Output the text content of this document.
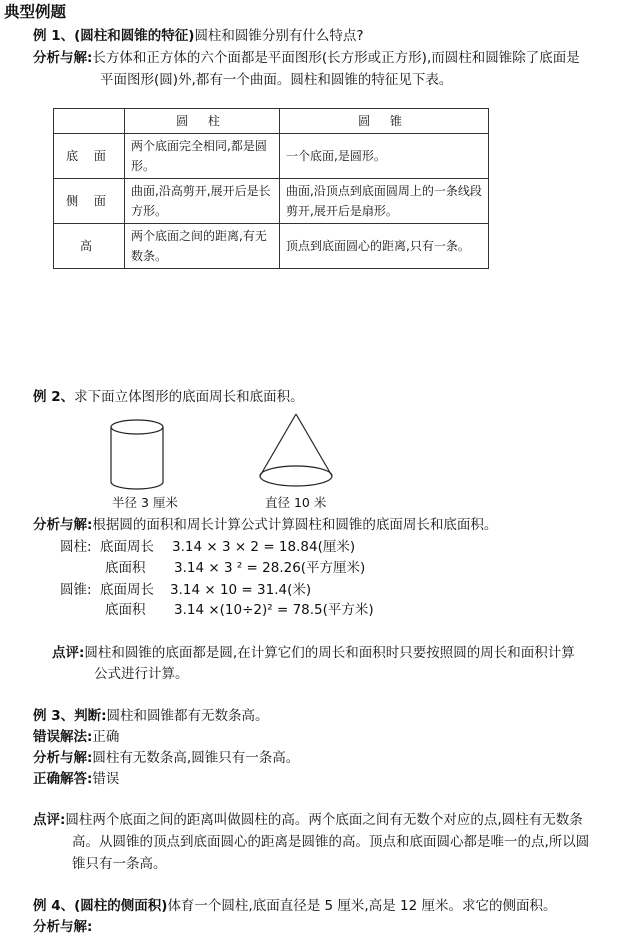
典型例题
例 1、(圆柱和圆锥的特征)圆柱和圆锥分别有什么特点?
分析与解:长方体和正方体的六个面都是平面图形(长方形或正方形),而圆柱和圆锥除了底面是
平面图形(圆)外,都有一个曲面。圆柱和圆锥的特征见下表。
	圆 柱	圆 锥
底 面	两个底面完全相同,都是圆形。	一个底面,是圆形。
侧 面	曲面,沿高剪开,展开后是长方形。	曲面,沿顶点到底面圆周上的一条线段剪开,展开后是扇形。
高	两个底面之间的距离,有无数条。	顶点到底面圆心的距离,只有一条。
例 2、求下面立体图形的底面周长和底面积。
半径 3 厘米	直径 10 米
分析与解:根据圆的面积和周长计算公式计算圆柱和圆锥的底面周长和底面积。
圆柱: 底面周长 3.14 × 3 × 2 = 18.84(厘米)
底面积 3.14 × 3 ² = 28.26(平方厘米)
圆锥: 底面周长 3.14 × 10 = 31.4(米)
底面积 3.14 ×(10÷2)² = 78.5(平方米)
点评:圆柱和圆锥的底面都是圆,在计算它们的周长和面积时只要按照圆的周长和面积计算
公式进行计算。
例 3、判断:圆柱和圆锥都有无数条高。
错误解法:正确
分析与解:圆柱有无数条高,圆锥只有一条高。
正确解答:错误
点评:圆柱两个底面之间的距离叫做圆柱的高。两个底面之间有无数个对应的点,圆柱有无数条
高。从圆锥的顶点到底面圆心的距离是圆锥的高。顶点和底面圆心都是唯一的点,所以圆
锥只有一条高。
例 4、(圆柱的侧面积)体育一个圆柱,底面直径是 5 厘米,高是 12 厘米。求它的侧面积。
分析与解:
